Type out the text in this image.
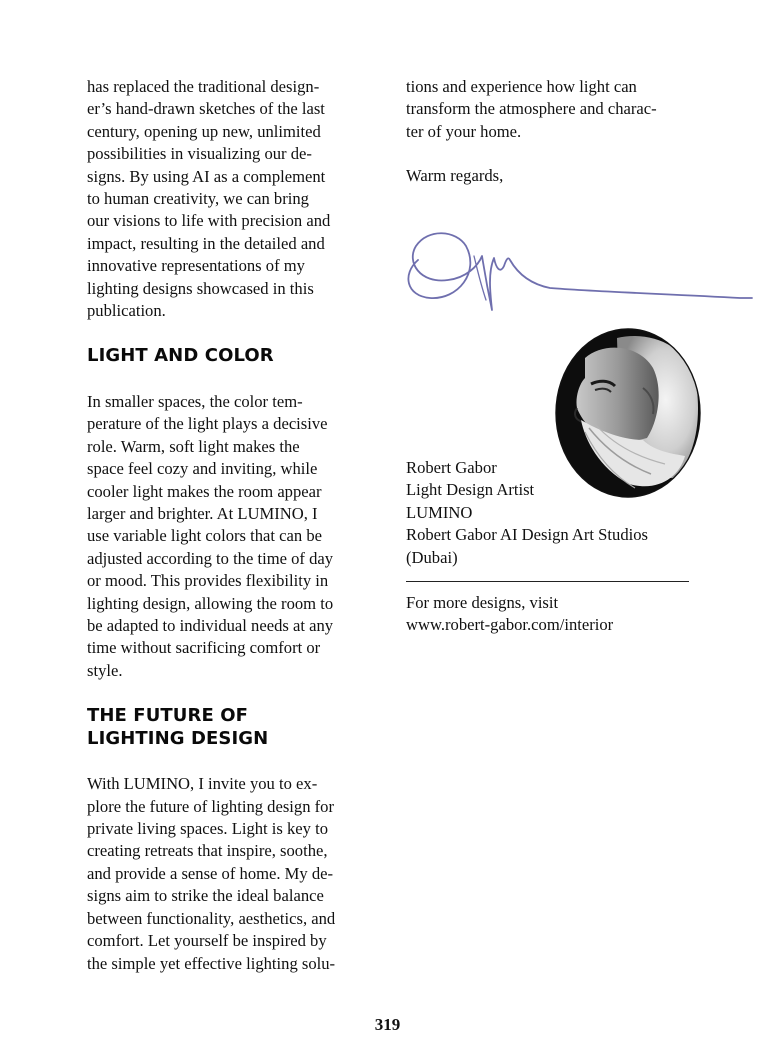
has replaced the traditional design-
er’s hand-drawn sketches of the last
century, opening up new, unlimited
possibilities in visualizing our de-
signs. By using AI as a complement
to human creativity, we can bring
our visions to life with precision and
impact, resulting in the detailed and
innovative representations of my
lighting designs showcased in this
publication.

LIGHT AND COLOR

In smaller spaces, the color tem-
perature of the light plays a decisive
role. Warm, soft light makes the
space feel cozy and inviting, while
cooler light makes the room appear
larger and brighter. At LUMINO, I
use variable light colors that can be
adjusted according to the time of day
or mood. This provides flexibility in
lighting design, allowing the room to
be adapted to individual needs at any
time without sacrificing comfort or
style.

THE FUTURE OF
LIGHTING DESIGN

With LUMINO, I invite you to ex-
plore the future of lighting design for
private living spaces. Light is key to
creating retreats that inspire, soothe,
and provide a sense of home. My de-
signs aim to strike the ideal balance
between functionality, aesthetics, and
comfort. Let yourself be inspired by
the simple yet effective lighting solu-

tions and experience how light can
transform the atmosphere and charac-
ter of your home.

Warm regards,

Robert Gabor
Light Design Artist
LUMINO
Robert Gabor AI Design Art Studios
(Dubai)
For more designs, visit
www.robert-gabor.com/interior
319
